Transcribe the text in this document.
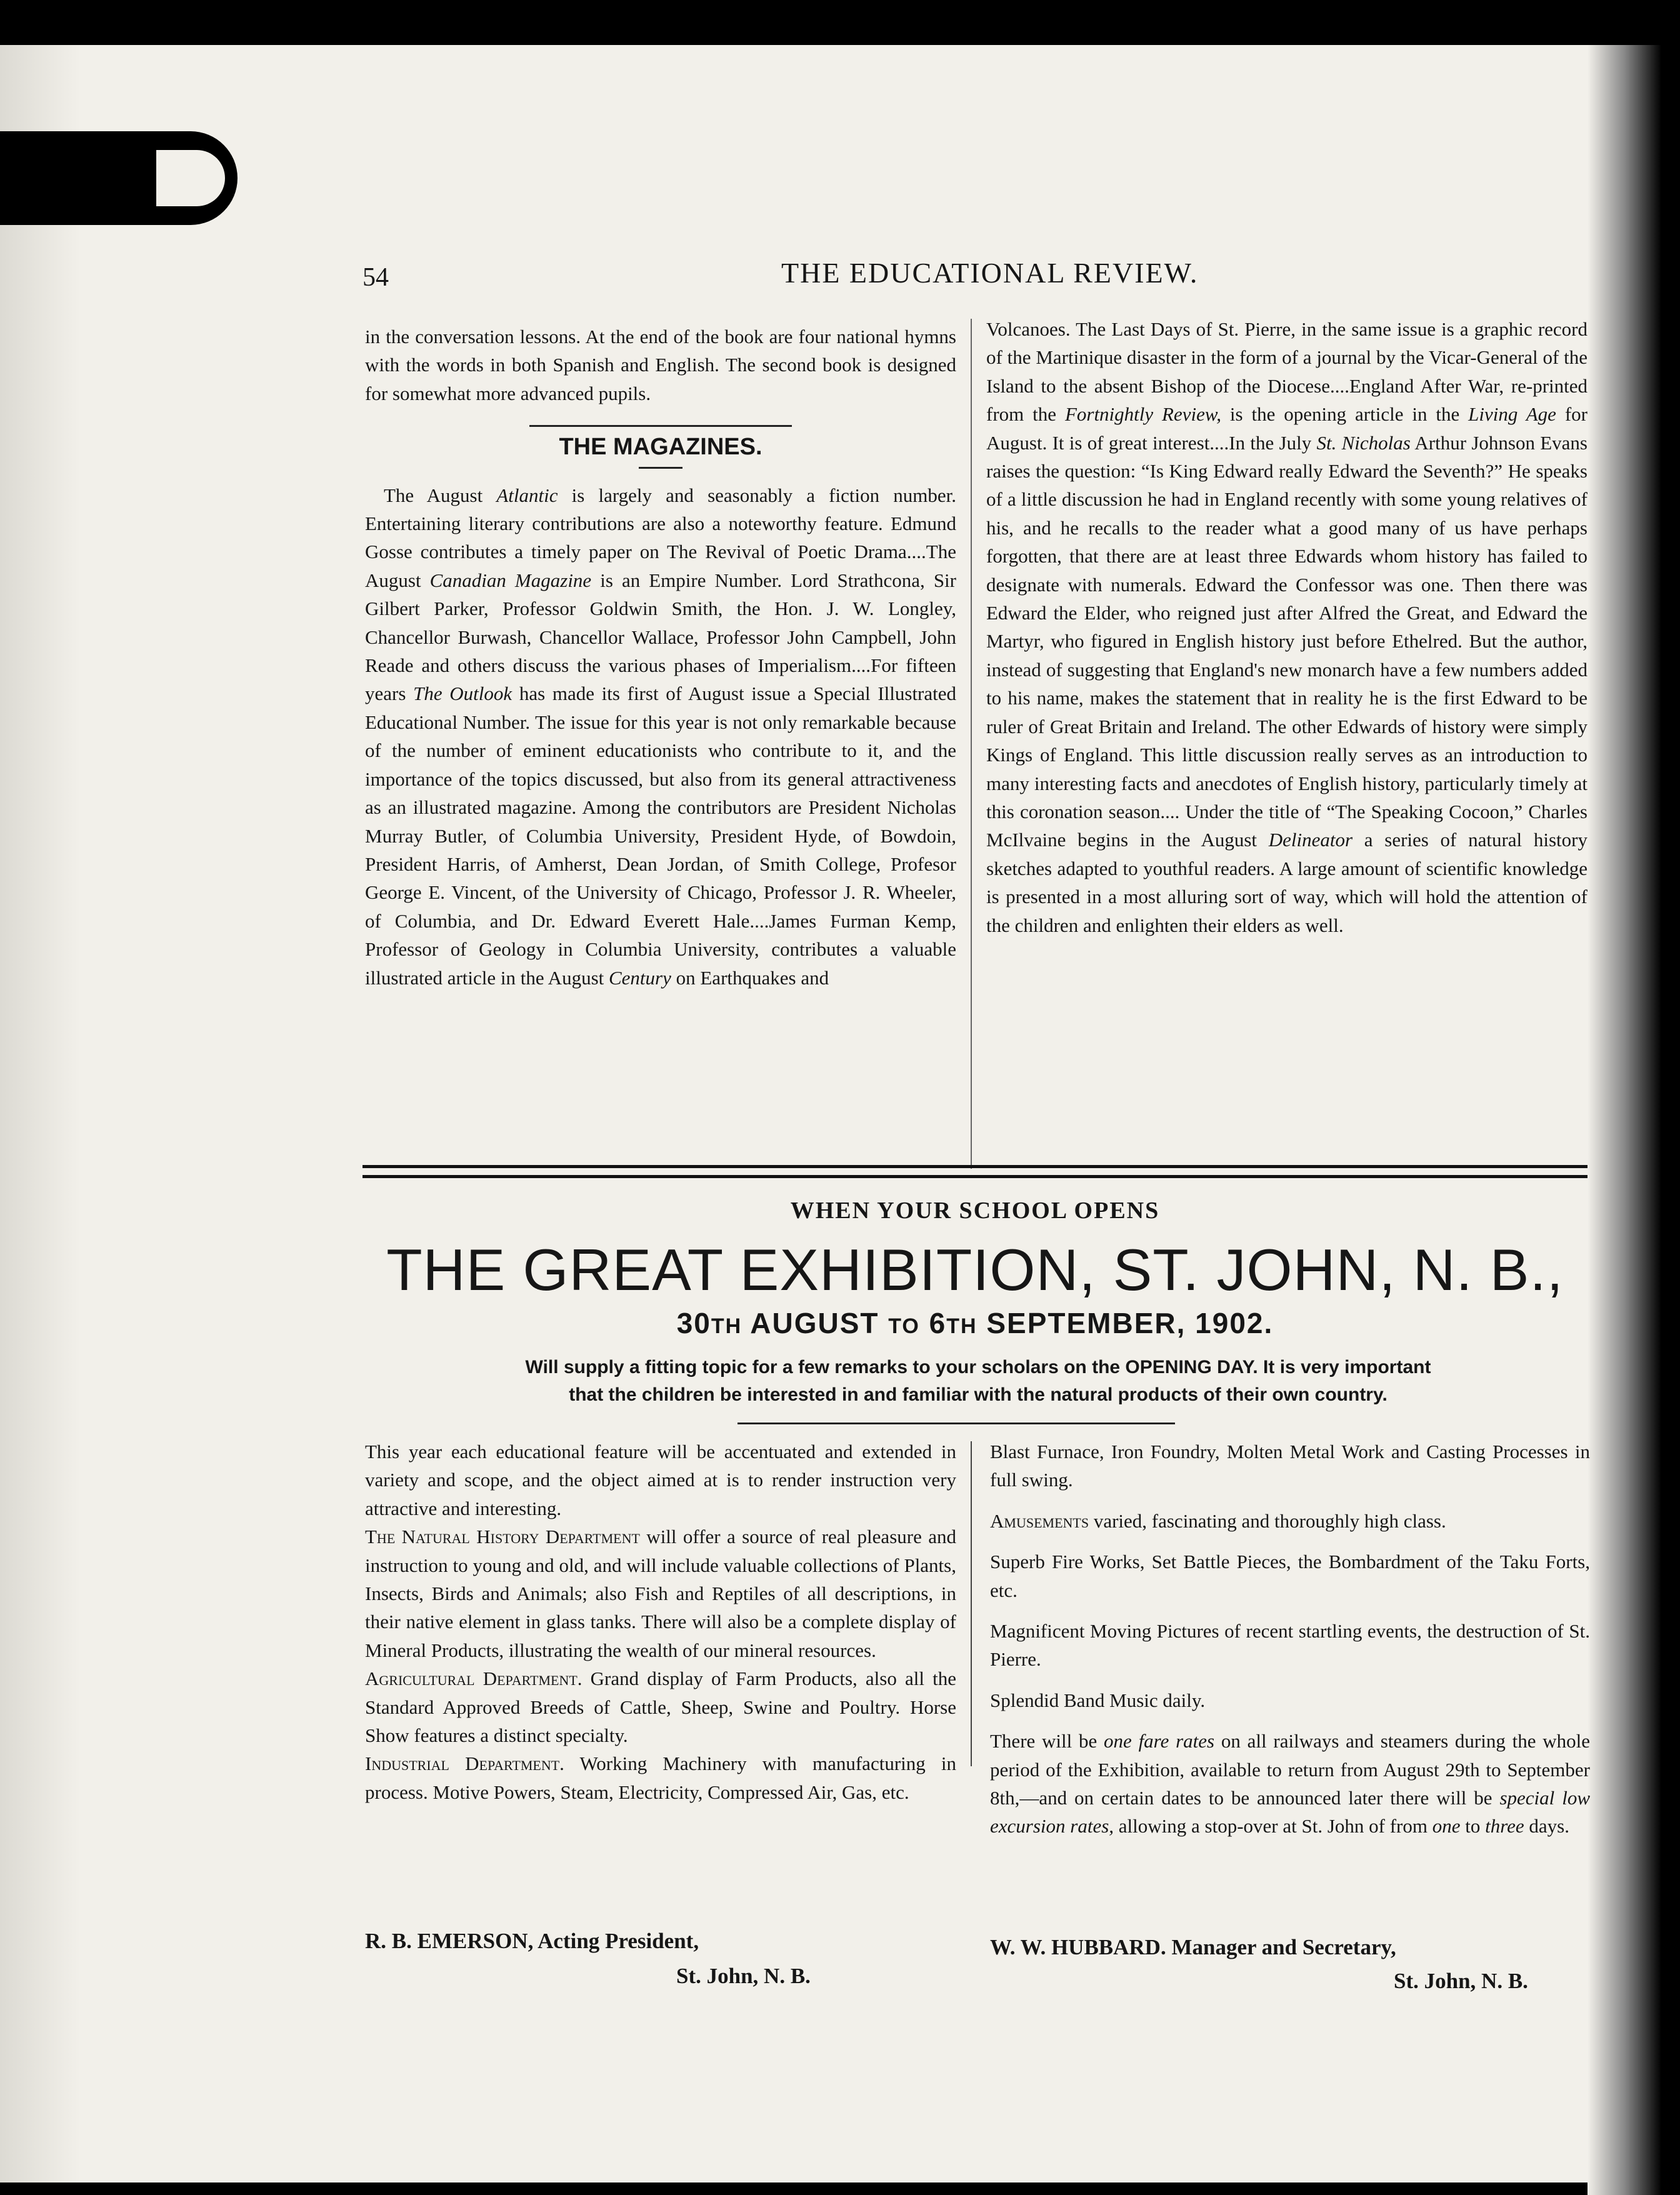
54	THE EDUCATIONAL REVIEW.

in the conversation lessons. At the end of the book are four national hymns with the words in both Spanish and English. The second book is designed for somewhat more advanced pupils.

THE MAGAZINES.

The August Atlantic is largely and seasonably a fiction number. Entertaining literary contributions are also a noteworthy feature. Edmund Gosse contributes a timely paper on The Revival of Poetic Drama....The August Canadian Magazine is an Empire Number. Lord Strathcona, Sir Gilbert Parker, Professor Goldwin Smith, the Hon. J. W. Longley, Chancellor Burwash, Chancellor Wallace, Professor John Campbell, John Reade and others discuss the various phases of Imperialism....For fifteen years The Outlook has made its first of August issue a Special Illustrated Educational Number. The issue for this year is not only remarkable because of the number of eminent educationists who contribute to it, and the importance of the topics discussed, but also from its general attractiveness as an illustrated magazine. Among the contributors are President Nicholas Murray Butler, of Columbia University, President Hyde, of Bowdoin, President Harris, of Amherst, Dean Jordan, of Smith College, Profesor George E. Vincent, of the University of Chicago, Professor J. R. Wheeler, of Columbia, and Dr. Edward Everett Hale....James Furman Kemp, Professor of Geology in Columbia University, contributes a valuable illustrated article in the August Century on Earthquakes and

Volcanoes. The Last Days of St. Pierre, in the same issue is a graphic record of the Martinique disaster in the form of a journal by the Vicar-General of the Island to the absent Bishop of the Diocese....England After War, re-printed from the Fortnightly Review, is the opening article in the Living Age for August. It is of great interest....In the July St. Nicholas Arthur Johnson Evans raises the question: “Is King Edward really Edward the Seventh?” He speaks of a little discussion he had in England recently with some young relatives of his, and he recalls to the reader what a good many of us have perhaps forgotten, that there are at least three Edwards whom history has failed to designate with numerals. Edward the Confessor was one. Then there was Edward the Elder, who reigned just after Alfred the Great, and Edward the Martyr, who figured in English history just before Ethelred. But the author, instead of suggesting that England's new monarch have a few numbers added to his name, makes the statement that in reality he is the first Edward to be ruler of Great Britain and Ireland. The other Edwards of history were simply Kings of England. This little discussion really serves as an introduction to many interesting facts and anecdotes of English history, particularly timely at this coronation season.... Under the title of “The Speaking Cocoon,” Charles McIlvaine begins in the August Delineator a series of natural history sketches adapted to youthful readers. A large amount of scientific knowledge is presented in a most alluring sort of way, which will hold the attention of the children and enlighten their elders as well.

WHEN YOUR SCHOOL OPENS
THE GREAT EXHIBITION, ST. JOHN, N. B.,
30TH AUGUST TO 6TH SEPTEMBER, 1902.
Will supply a fitting topic for a few remarks to your scholars on the OPENING DAY. It is very important
that the children be interested in and familiar with the natural products of their own country.

This year each educational feature will be accentuated and extended in variety and scope, and the object aimed at is to render instruction very attractive and interesting.

The Natural History Department will offer a source of real pleasure and instruction to young and old, and will include valuable collections of Plants, Insects, Birds and Animals; also Fish and Reptiles of all descriptions, in their native element in glass tanks. There will also be a complete display of Mineral Products, illustrating the wealth of our mineral resources.

Agricultural Department. Grand display of Farm Products, also all the Standard Approved Breeds of Cattle, Sheep, Swine and Poultry. Horse Show features a distinct specialty.

Industrial Department. Working Machinery with manufacturing in process. Motive Powers, Steam, Electricity, Compressed Air, Gas, etc.

Blast Furnace, Iron Foundry, Molten Metal Work and Casting Processes in full swing.

Amusements varied, fascinating and thoroughly high class.

Superb Fire Works, Set Battle Pieces, the Bombardment of the Taku Forts, etc.

Magnificent Moving Pictures of recent startling events, the destruction of St. Pierre.

Splendid Band Music daily.

There will be one fare rates on all railways and steamers during the whole period of the Exhibition, available to return from August 29th to September 8th,—and on certain dates to be announced later there will be special low excursion rates, allowing a stop-over at St. John of from one to three days.

R. B. EMERSON, Acting President,
St. John, N. B.
W. W. HUBBARD. Manager and Secretary,
St. John, N. B.
